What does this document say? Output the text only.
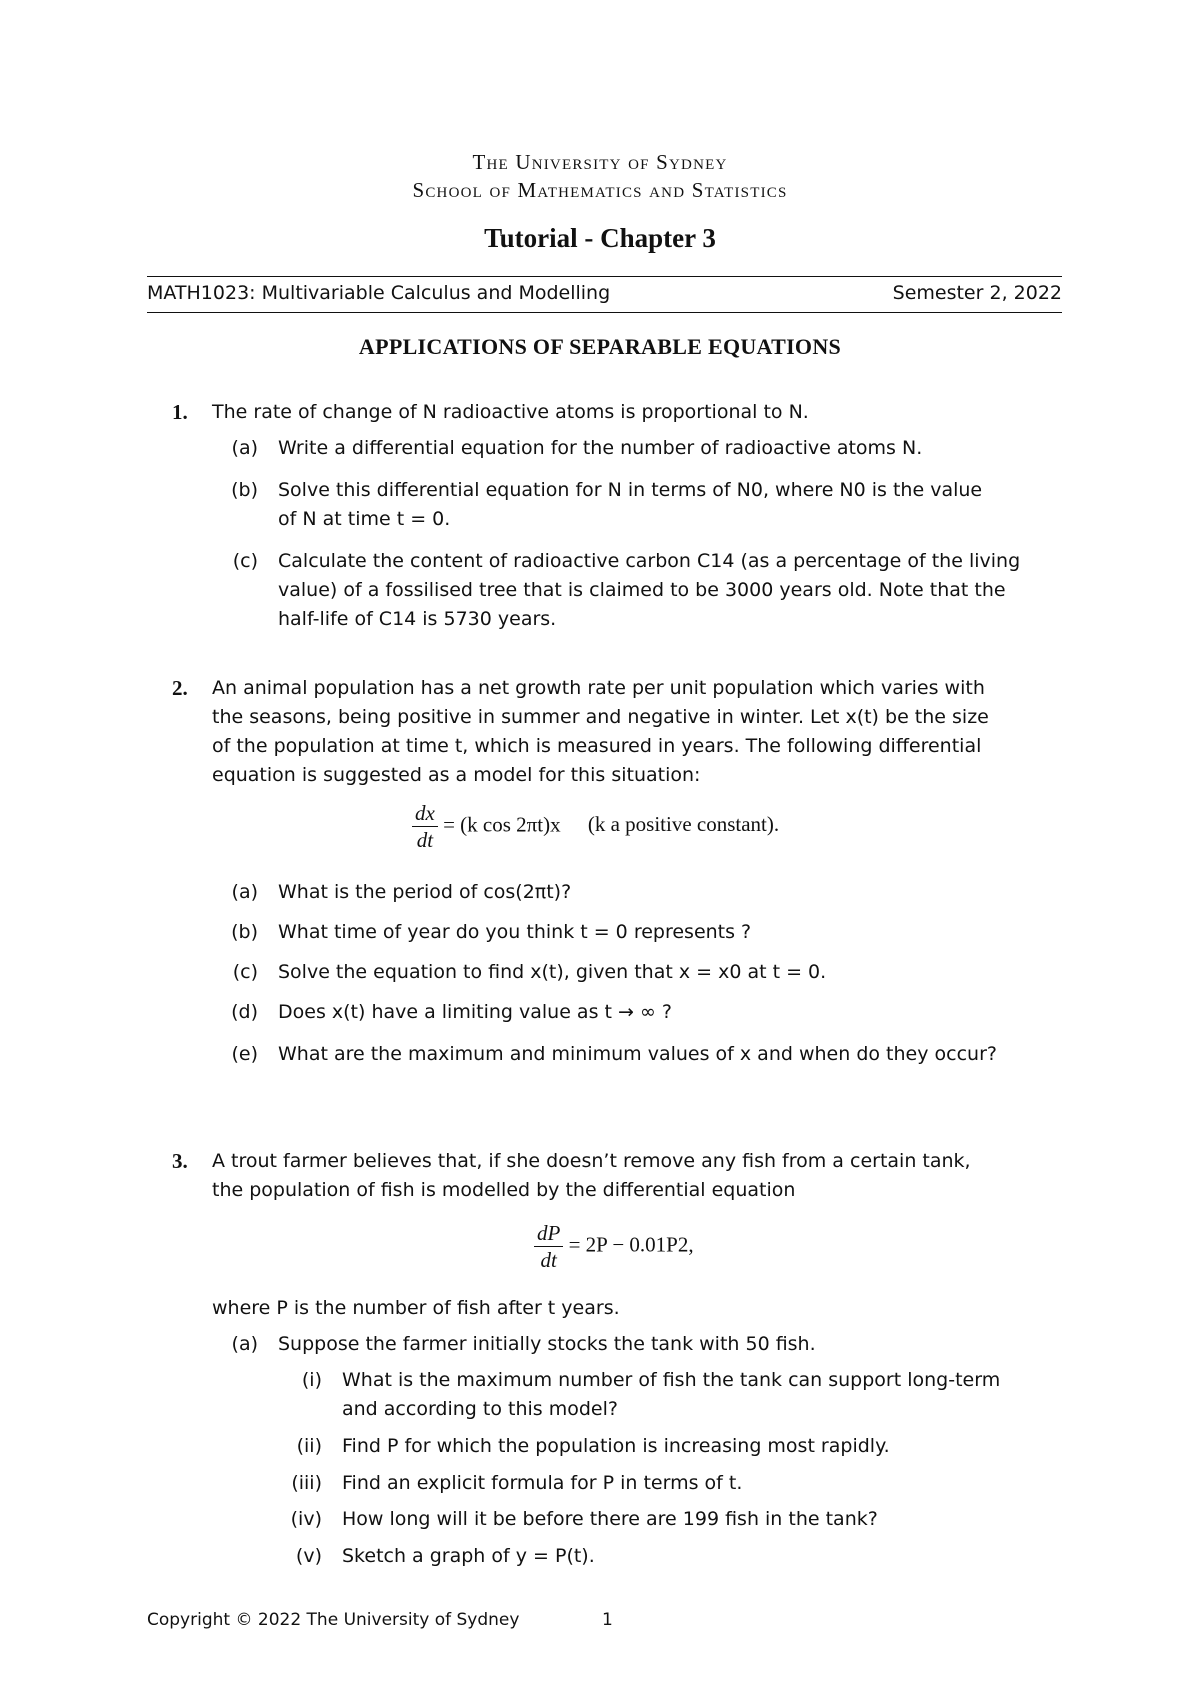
The University of Sydney
School of Mathematics and Statistics
Tutorial - Chapter 3
MATH1023: Multivariable Calculus and Modelling	Semester 2, 2022
APPLICATIONS OF SEPARABLE EQUATIONS
1. The rate of change of N radioactive atoms is proportional to N.
(a) Write a differential equation for the number of radioactive atoms N.
(b) Solve this differential equation for N in terms of N0, where N0 is the value
of N at time t = 0.
(c) Calculate the content of radioactive carbon C14 (as a percentage of the living
value) of a fossilised tree that is claimed to be 3000 years old. Note that the
half-life of C14 is 5730 years.
2. An animal population has a net growth rate per unit population which varies with
the seasons, being positive in summer and negative in winter. Let x(t) be the size
of the population at time t, which is measured in years. The following differential
equation is suggested as a model for this situation:
$\frac{dx}{dt} = (k$ cos 2πt)x (k a positive constant).
(a) What is the period of cos(2πt)?
(b) What time of year do you think t = 0 represents ?
(c) Solve the equation to find x(t), given that x = x0 at t = 0.
(d) Does x(t) have a limiting value as t → ∞ ?
(e) What are the maximum and minimum values of x and when do they occur?
3. A trout farmer believes that, if she doesn’t remove any fish from a certain tank,
the population of fish is modelled by the differential equation
$\frac{dP}{dt} = 2P - 0.01P2$,
where P is the number of fish after t years.
(a) Suppose the farmer initially stocks the tank with 50 fish.
(i) What is the maximum number of fish the tank can support long-term
and according to this model?
(ii) Find P for which the population is increasing most rapidly.
(iii) Find an explicit formula for P in terms of t.
(iv) How long will it be before there are 199 fish in the tank?
(v) Sketch a graph of y = P(t).
Copyright © 2022 The University of Sydney	1
